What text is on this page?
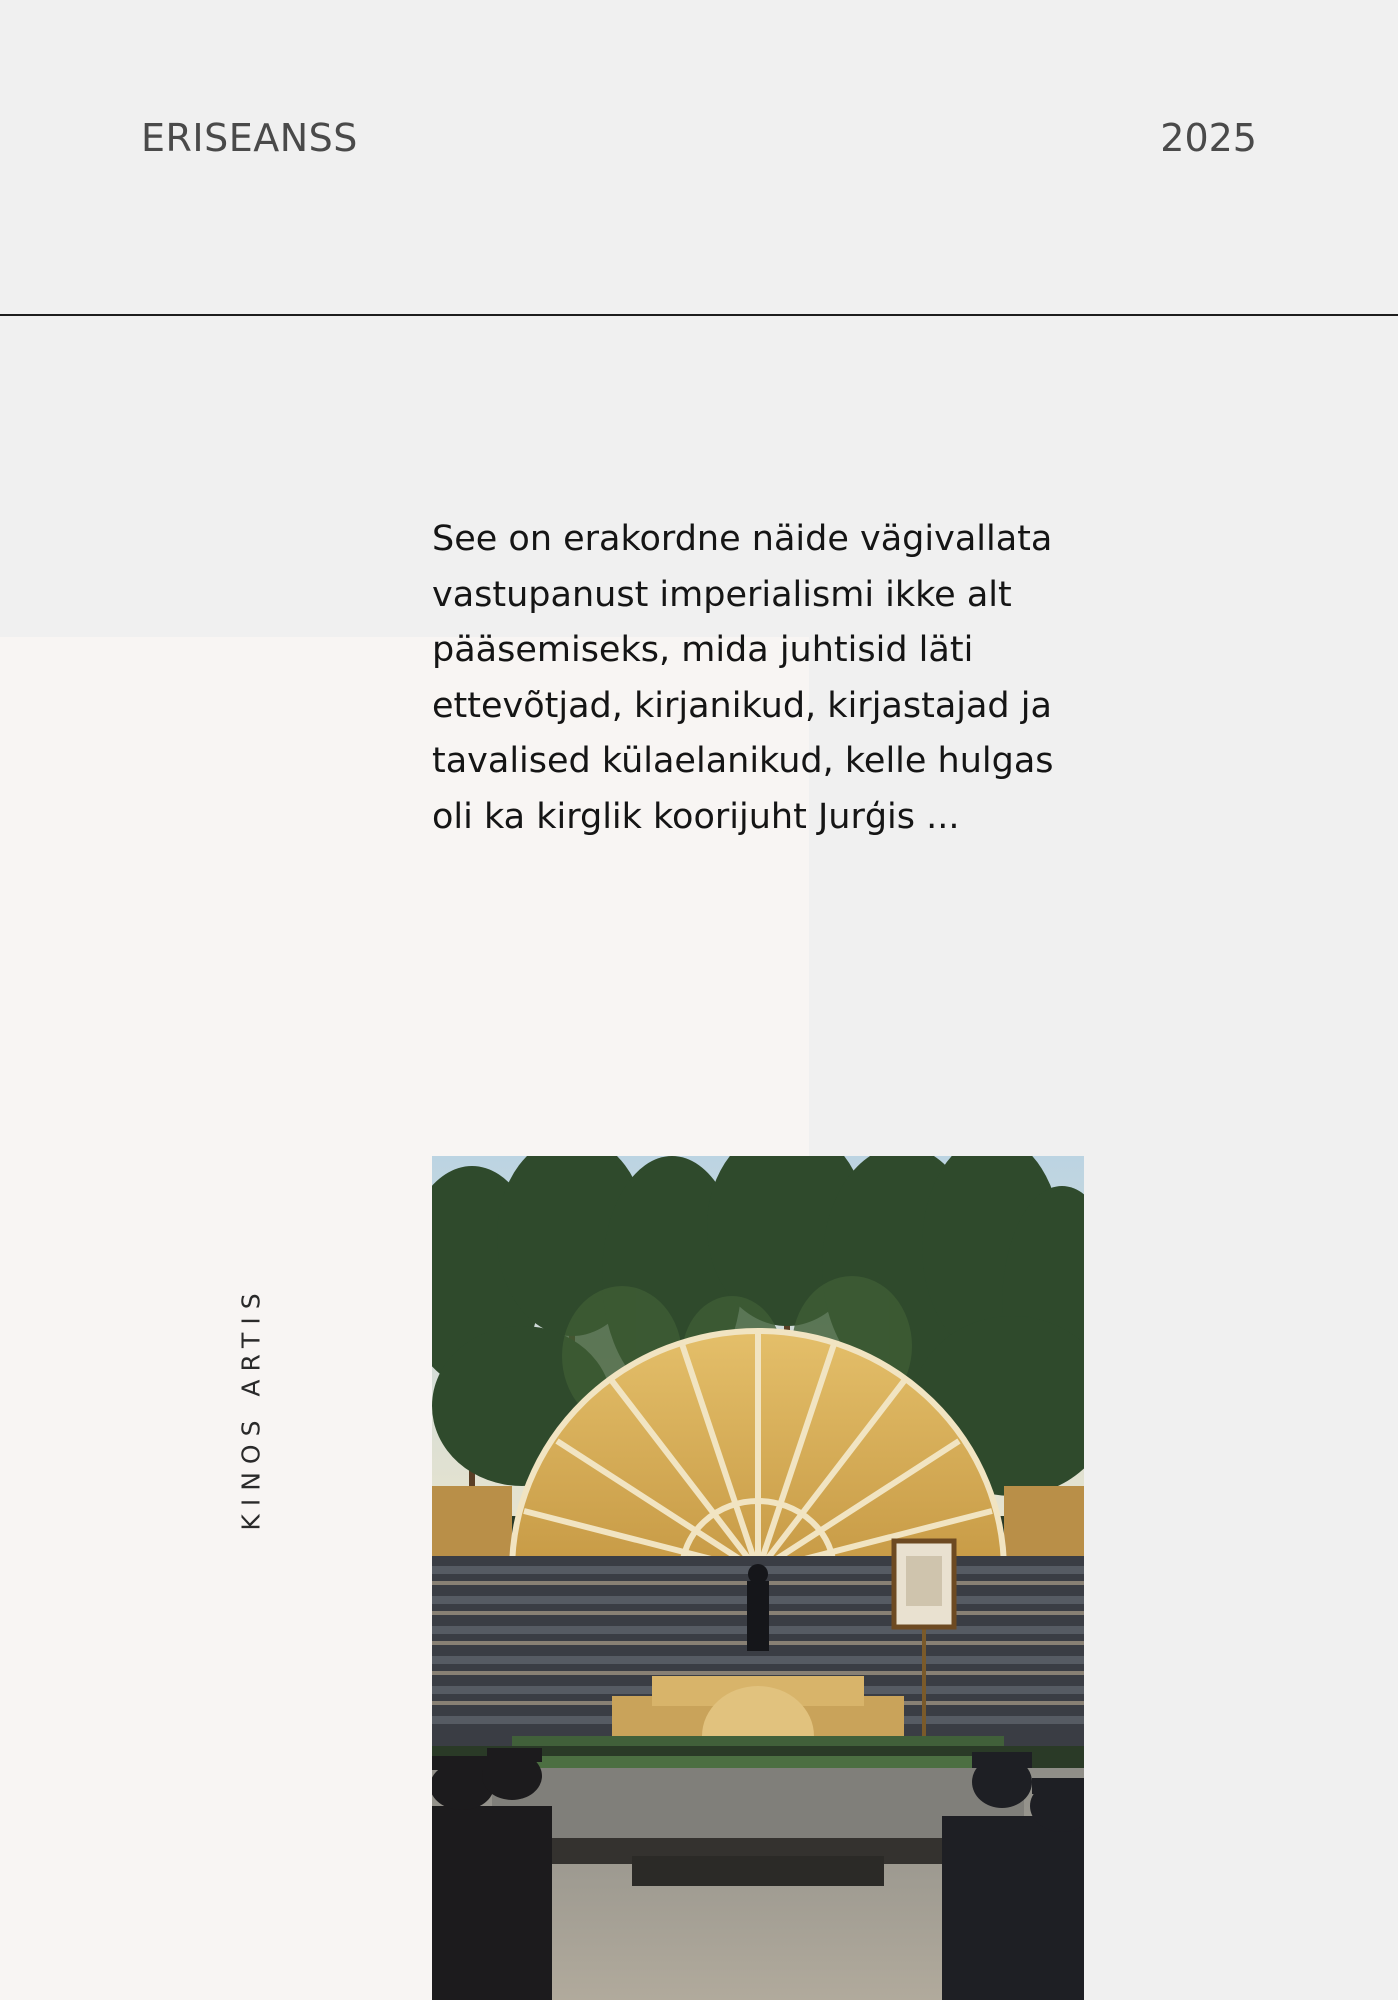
ERISEANSS	2025

See on erakordne näide vägivallata vastupanust imperialismi ikke alt pääsemiseks, mida juhtisid läti ettevõtjad, kirjanikud, kirjastajad ja tavalised külaelanikud, kelle hulgas oli ka kirglik koorijuht Jurģis ...

KINOS ARTIS
